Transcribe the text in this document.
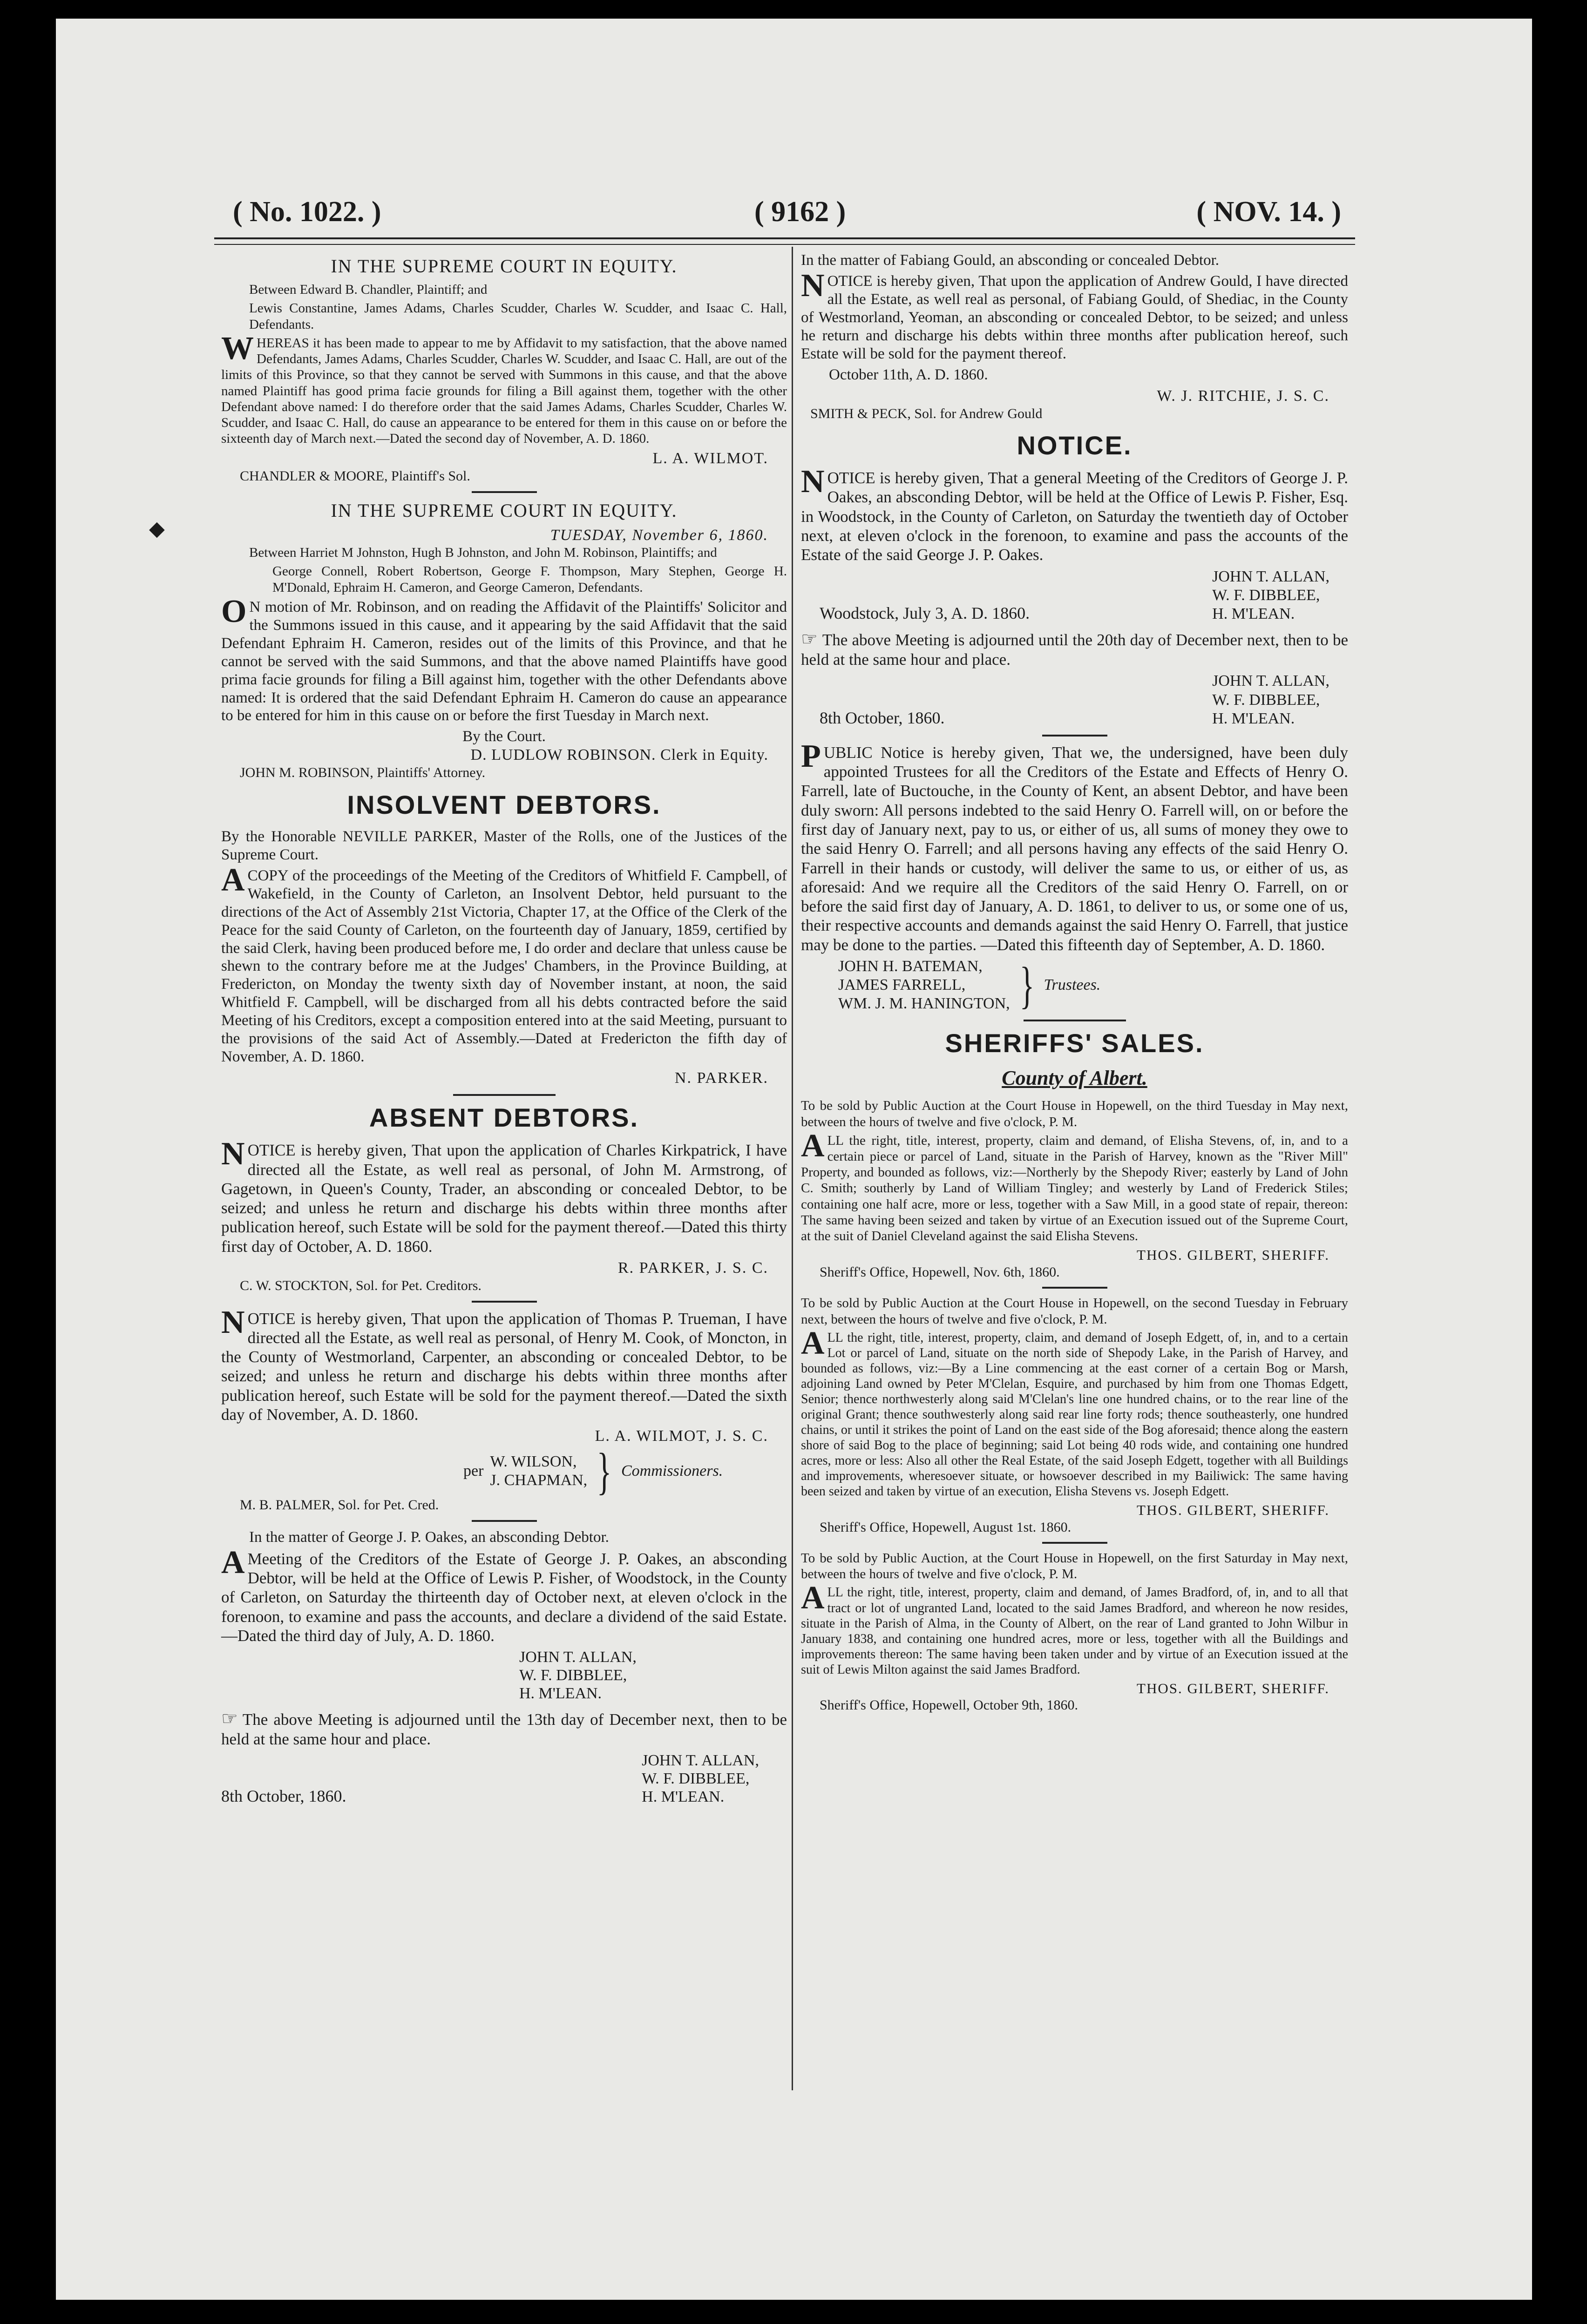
◆
( No. 1022. )	( 9162 )	( NOV. 14. )
IN THE SUPREME COURT IN EQUITY.

Between Edward B. Chandler, Plaintiff; and

Lewis Constantine, James Adams, Charles Scudder, Charles W. Scudder, and Isaac C. Hall, Defendants.

WHEREAS it has been made to appear to me by Affidavit to my satisfaction, that the above named Defendants, James Adams, Charles Scudder, Charles W. Scudder, and Isaac C. Hall, are out of the limits of this Province, so that they cannot be served with Summons in this cause, and that the above named Plaintiff has good prima facie grounds for filing a Bill against them, together with the other Defendant above named: I do therefore order that the said James Adams, Charles Scudder, Charles W. Scudder, and Isaac C. Hall, do cause an appearance to be entered for them in this cause on or before the sixteenth day of March next.—Dated the second day of November, A. D. 1860.

L. A. WILMOT.
CHANDLER & MOORE, Plaintiff's Sol.
IN THE SUPREME COURT IN EQUITY.
TUESDAY, November 6, 1860.

Between Harriet M Johnston, Hugh B Johnston, and John M. Robinson, Plaintiffs; and

George Connell, Robert Robertson, George F. Thompson, Mary Stephen, George H. M'Donald, Ephraim H. Cameron, and George Cameron, Defendants.

ON motion of Mr. Robinson, and on reading the Affidavit of the Plaintiffs' Solicitor and the Summons issued in this cause, and it appearing by the said Affidavit that the said Defendant Ephraim H. Cameron, resides out of the limits of this Province, and that he cannot be served with the said Summons, and that the above named Plaintiffs have good prima facie grounds for filing a Bill against him, together with the other Defendants above named: It is ordered that the said Defendant Ephraim H. Cameron do cause an appearance to be entered for him in this cause on or before the first Tuesday in March next.

By the Court.
D. LUDLOW ROBINSON. Clerk in Equity.
JOHN M. ROBINSON, Plaintiffs' Attorney.
INSOLVENT DEBTORS.

By the Honorable NEVILLE PARKER, Master of the Rolls, one of the Justices of the Supreme Court.

ACOPY of the proceedings of the Meeting of the Creditors of Whitfield F. Campbell, of Wakefield, in the County of Carleton, an Insolvent Debtor, held pursuant to the directions of the Act of Assembly 21st Victoria, Chapter 17, at the Office of the Clerk of the Peace for the said County of Carleton, on the fourteenth day of January, 1859, certified by the said Clerk, having been produced before me, I do order and declare that unless cause be shewn to the contrary before me at the Judges' Chambers, in the Province Building, at Fredericton, on Monday the twenty sixth day of November instant, at noon, the said Whitfield F. Campbell, will be discharged from all his debts contracted before the said Meeting of his Creditors, except a composition entered into at the said Meeting, pursuant to the provisions of the said Act of Assembly.—Dated at Fredericton the fifth day of November, A. D. 1860.

N. PARKER.
ABSENT DEBTORS.

NOTICE is hereby given, That upon the application of Charles Kirkpatrick, I have directed all the Estate, as well real as personal, of John M. Armstrong, of Gagetown, in Queen's County, Trader, an absconding or concealed Debtor, to be seized; and unless he return and discharge his debts within three months after publication hereof, such Estate will be sold for the payment thereof.—Dated this thirty first day of October, A. D. 1860.

R. PARKER, J. S. C.
C. W. STOCKTON, Sol. for Pet. Creditors.

NOTICE is hereby given, That upon the application of Thomas P. Trueman, I have directed all the Estate, as well real as personal, of Henry M. Cook, of Moncton, in the County of Westmorland, Carpenter, an absconding or concealed Debtor, to be seized; and unless he return and discharge his debts within three months after publication hereof, such Estate will be sold for the payment thereof.—Dated the sixth day of November, A. D. 1860.

L. A. WILMOT, J. S. C.
per
W. WILSON,
J. CHAPMAN, } Commissioners.
M. B. PALMER, Sol. for Pet. Cred.

In the matter of George J. P. Oakes, an absconding Debtor.

AMeeting of the Creditors of the Estate of George J. P. Oakes, an absconding Debtor, will be held at the Office of Lewis P. Fisher, of Woodstock, in the County of Carleton, on Saturday the thirteenth day of October next, at eleven o'clock in the forenoon, to examine and pass the accounts, and declare a dividend of the said Estate.—Dated the third day of July, A. D. 1860.

JOHN T. ALLAN,
W. F. DIBBLEE,
H. M'LEAN.

☞ The above Meeting is adjourned until the 13th day of December next, then to be held at the same hour and place.

8th October, 1860.
JOHN T. ALLAN,
W. F. DIBBLEE,
H. M'LEAN.

In the matter of Fabiang Gould, an absconding or concealed Debtor.

NOTICE is hereby given, That upon the application of Andrew Gould, I have directed all the Estate, as well real as personal, of Fabiang Gould, of Shediac, in the County of Westmorland, Yeoman, an absconding or concealed Debtor, to be seized; and unless he return and discharge his debts within three months after publication hereof, such Estate will be sold for the payment thereof.

October 11th, A. D. 1860.

W. J. RITCHIE, J. S. C.
SMITH & PECK, Sol. for Andrew Gould
NOTICE.

NOTICE is hereby given, That a general Meeting of the Creditors of George J. P. Oakes, an absconding Debtor, will be held at the Office of Lewis P. Fisher, Esq. in Woodstock, in the County of Carleton, on Saturday the twentieth day of October next, at eleven o'clock in the forenoon, to examine and pass the accounts of the Estate of the said George J. P. Oakes.

Woodstock, July 3, A. D. 1860.
JOHN T. ALLAN,
W. F. DIBBLEE,
H. M'LEAN.

☞ The above Meeting is adjourned until the 20th day of December next, then to be held at the same hour and place.

8th October, 1860.
JOHN T. ALLAN,
W. F. DIBBLEE,
H. M'LEAN.

PUBLIC Notice is hereby given, That we, the undersigned, have been duly appointed Trustees for all the Creditors of the Estate and Effects of Henry O. Farrell, late of Buctouche, in the County of Kent, an absent Debtor, and have been duly sworn: All persons indebted to the said Henry O. Farrell will, on or before the first day of January next, pay to us, or either of us, all sums of money they owe to the said Henry O. Farrell; and all persons having any effects of the said Henry O. Farrell in their hands or custody, will deliver the same to us, or either of us, as aforesaid: And we require all the Creditors of the said Henry O. Farrell, on or before the said first day of January, A. D. 1861, to deliver to us, or some one of us, their respective accounts and demands against the said Henry O. Farrell, that justice may be done to the parties. —Dated this fifteenth day of September, A. D. 1860.

JOHN H. BATEMAN,
JAMES FARRELL,
WM. J. M. HANINGTON, } Trustees.
SHERIFFS' SALES.
County of Albert.

To be sold by Public Auction at the Court House in Hopewell, on the third Tuesday in May next, between the hours of twelve and five o'clock, P. M.

ALL the right, title, interest, property, claim and demand, of Elisha Stevens, of, in, and to a certain piece or parcel of Land, situate in the Parish of Harvey, known as the "River Mill" Property, and bounded as follows, viz:—Northerly by the Shepody River; easterly by Land of John C. Smith; southerly by Land of William Tingley; and westerly by Land of Frederick Stiles; containing one half acre, more or less, together with a Saw Mill, in a good state of repair, thereon: The same having been seized and taken by virtue of an Execution issued out of the Supreme Court, at the suit of Daniel Cleveland against the said Elisha Stevens.

THOS. GILBERT, SHERIFF.
Sheriff's Office, Hopewell, Nov. 6th, 1860.

To be sold by Public Auction at the Court House in Hopewell, on the second Tuesday in February next, between the hours of twelve and five o'clock, P. M.

ALL the right, title, interest, property, claim, and demand of Joseph Edgett, of, in, and to a certain Lot or parcel of Land, situate on the north side of Shepody Lake, in the Parish of Harvey, and bounded as follows, viz:—By a Line commencing at the east corner of a certain Bog or Marsh, adjoining Land owned by Peter M'Clelan, Esquire, and purchased by him from one Thomas Edgett, Senior; thence northwesterly along said M'Clelan's line one hundred chains, or to the rear line of the original Grant; thence southwesterly along said rear line forty rods; thence southeasterly, one hundred chains, or until it strikes the point of Land on the east side of the Bog aforesaid; thence along the eastern shore of said Bog to the place of beginning; said Lot being 40 rods wide, and containing one hundred acres, more or less: Also all other the Real Estate, of the said Joseph Edgett, together with all Buildings and improvements, wheresoever situate, or howsoever described in my Bailiwick: The same having been seized and taken by virtue of an execution, Elisha Stevens vs. Joseph Edgett.

THOS. GILBERT, SHERIFF.
Sheriff's Office, Hopewell, August 1st. 1860.

To be sold by Public Auction, at the Court House in Hopewell, on the first Saturday in May next, between the hours of twelve and five o'clock, P. M.

ALL the right, title, interest, property, claim and demand, of James Bradford, of, in, and to all that tract or lot of ungranted Land, located to the said James Bradford, and whereon he now resides, situate in the Parish of Alma, in the County of Albert, on the rear of Land granted to John Wilbur in January 1838, and containing one hundred acres, more or less, together with all the Buildings and improvements thereon: The same having been taken under and by virtue of an Execution issued at the suit of Lewis Milton against the said James Bradford.

THOS. GILBERT, SHERIFF.
Sheriff's Office, Hopewell, October 9th, 1860.
